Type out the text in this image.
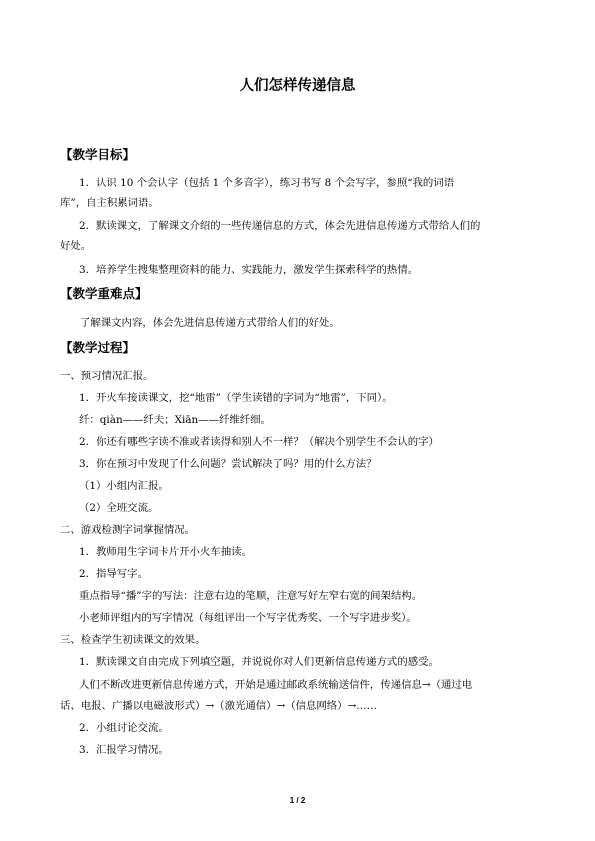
人们怎样传递信息
【教学目标】
1．认识 10 个会认字（包括 1 个多音字），练习书写 8 个会写字，参照“我的词语
库”，自主积累词语。
2．默读课文，了解课文介绍的一些传递信息的方式，体会先进信息传递方式带给人们的
好处。
3．培养学生搜集整理资料的能力、实践能力，激发学生探索科学的热情。
【教学重难点】
了解课文内容，体会先进信息传递方式带给人们的好处。
【教学过程】
一、预习情况汇报。
1．开火车接读课文，挖“地雷”（学生读错的字词为“地雷”，下同）。
纤：qiàn——纤夫；Xiān——纤维纤细。
2．你还有哪些字读不准或者读得和别人不一样？（解决个别学生不会认的字）
3．你在预习中发现了什么问题？尝试解决了吗？用的什么方法？
（1）小组内汇报。
（2）全班交流。
二、游戏检测字词掌握情况。
1．教师用生字词卡片开小火车抽读。
2．指导写字。
重点指导“播”字的写法：注意右边的笔顺，注意写好左窄右宽的间架结构。
小老师评组内的写字情况（每组评出一个写字优秀奖、一个写字进步奖）。
三、检查学生初读课文的效果。
1．默读课文自由完成下列填空题，并说说你对人们更新信息传递方式的感受。
人们不断改进更新信息传递方式，开始是通过邮政系统输送信件，传递信息→（通过电
话、电报、广播以电磁波形式）→（激光通信）→（信息网络）→……
2．小组讨论交流。
3．汇报学习情况。
1 / 2
